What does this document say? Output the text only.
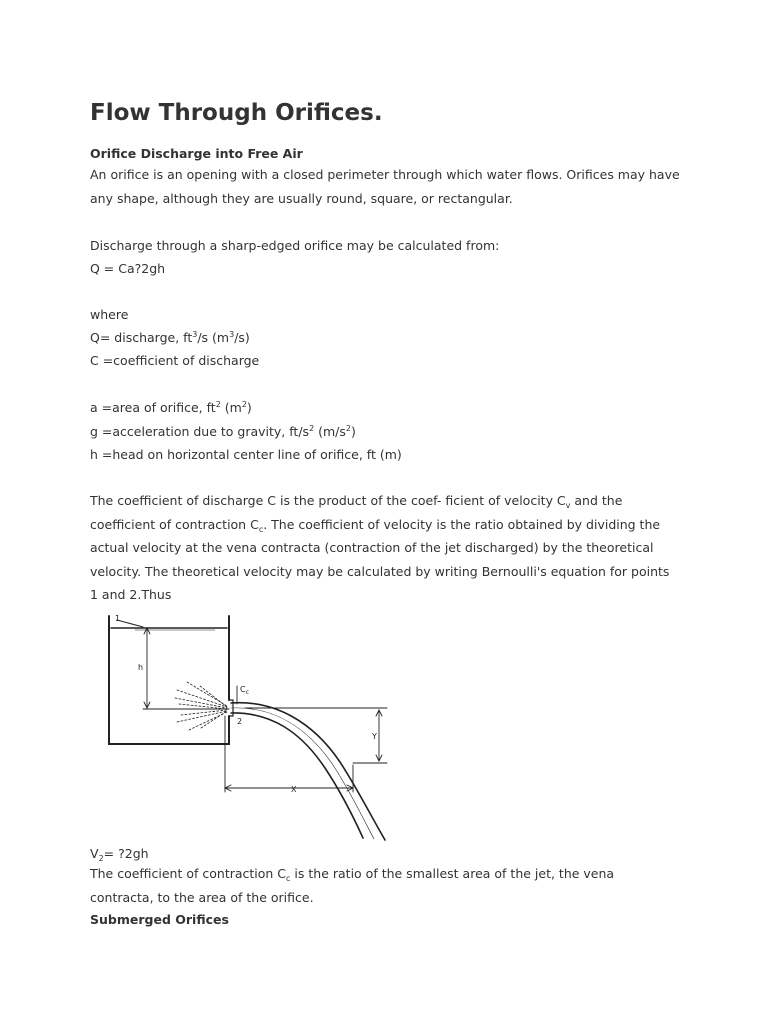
Flow Through Orifices.

Orifice Discharge into Free Air

An orifice is an opening with a closed perimeter through which water flows. Orifices may have any shape, although they are usually round, square, or rectangular.

Discharge through a sharp-edged orifice may be calculated from:

Q = Ca?2gh

where

Q= discharge, $ft^3/s$ $(m^3/s)$

C =coefficient of discharge

a =area of orifice, $ft^2$ $(m^2)$

g =acceleration due to gravity, $ft/s^2$ $(m/s^2)$

h =head on horizontal center line of orifice, ft (m)

The coefficient of discharge C is the product of the coef- ficient of velocity $C_v$ and the coefficient of contraction $C_c$. The coefficient of velocity is the ratio obtained by dividing the actual velocity at the vena contracta (contraction of the jet discharged) by the theoretical velocity. The theoretical velocity may be calculated by writing Bernoulli's equation for points 1 and 2.Thus

$V_2=$ ?2gh

The coefficient of contraction $C_c$ is the ratio of the smallest area of the jet, the vena contracta, to the area of the orifice.

Submerged Orifices

1
h
$C_c$
2
Y
X
